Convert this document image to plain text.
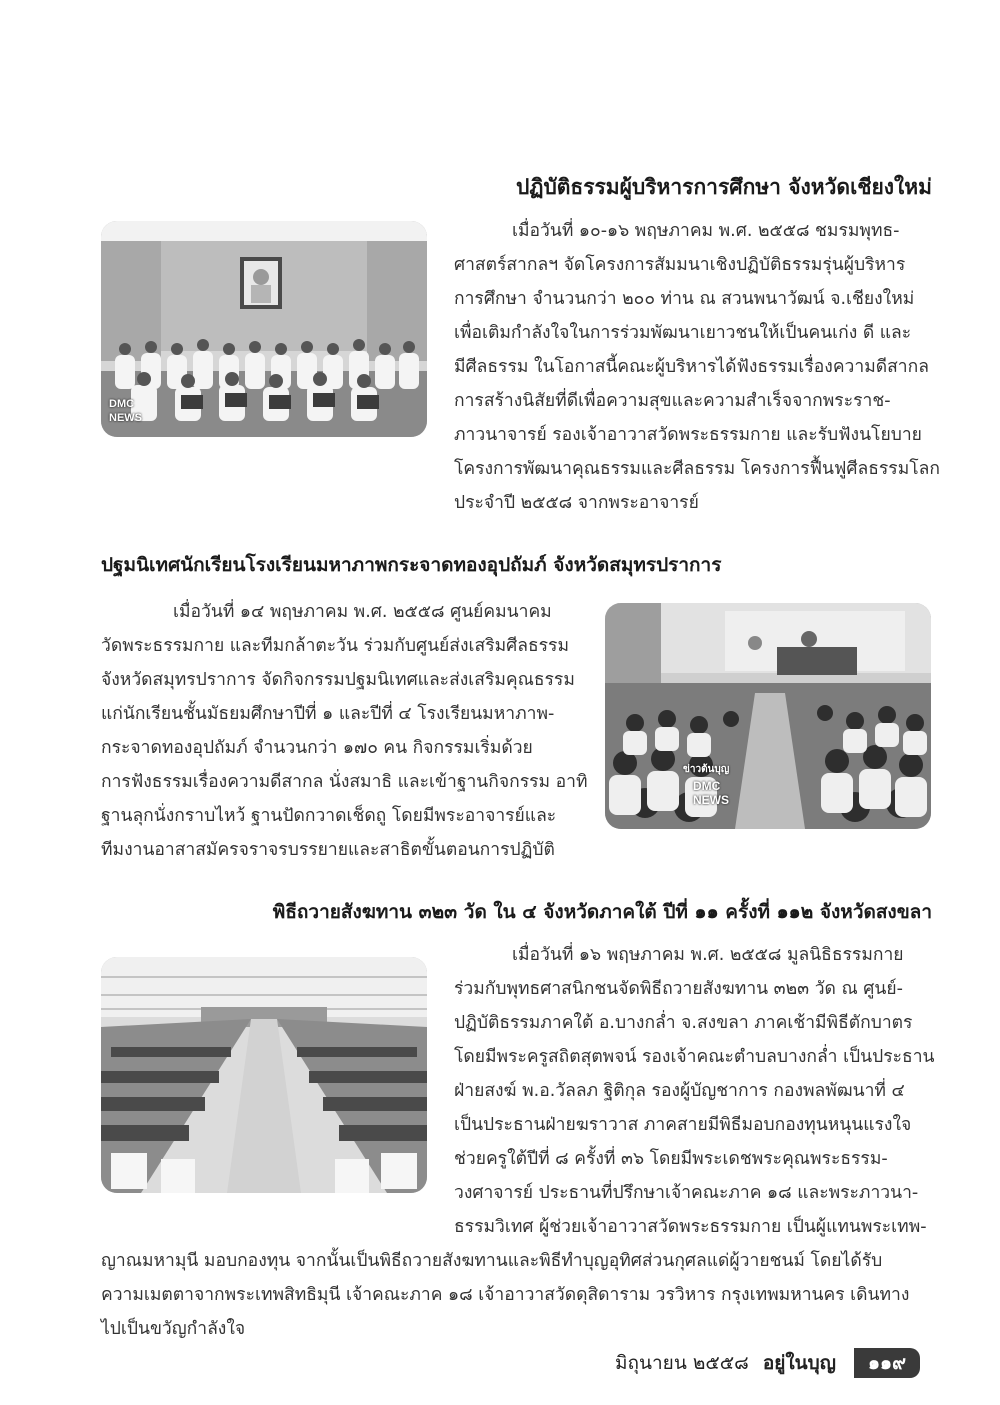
ปฏิบัติธรรมผู้บริหารการศึกษา จังหวัดเชียงใหม่
DMC NEWS
เมื่อวันที่ ๑๐-๑๖ พฤษภาคม พ.ศ. ๒๕๕๘ ชมรมพุทธ-
ศาสตร์สากลฯ จัดโครงการสัมมนาเชิงปฏิบัติธรรมรุ่นผู้บริหาร
การศึกษา จำนวนกว่า ๒๐๐ ท่าน ณ สวนพนาวัฒน์ จ.เชียงใหม่
เพื่อเติมกำลังใจในการร่วมพัฒนาเยาวชนให้เป็นคนเก่ง ดี และ
มีศีลธรรม ในโอกาสนี้คณะผู้บริหารได้ฟังธรรมเรื่องความดีสากล
การสร้างนิสัยที่ดีเพื่อความสุขและความสำเร็จจากพระราช-
ภาวนาจารย์ รองเจ้าอาวาสวัดพระธรรมกาย และรับฟังนโยบาย
โครงการพัฒนาคุณธรรมและศีลธรรม โครงการฟื้นฟูศีลธรรมโลก
ประจำปี ๒๕๕๘ จากพระอาจารย์
ปฐมนิเทศนักเรียนโรงเรียนมหาภาพกระจาดทองอุปถัมภ์ จังหวัดสมุทรปราการ
เมื่อวันที่ ๑๔ พฤษภาคม พ.ศ. ๒๕๕๘ ศูนย์คมนาคม
วัดพระธรรมกาย และทีมกล้าตะวัน ร่วมกับศูนย์ส่งเสริมศีลธรรม
จังหวัดสมุทรปราการ จัดกิจกรรมปฐมนิเทศและส่งเสริมคุณธรรม
แก่นักเรียนชั้นมัธยมศึกษาปีที่ ๑ และปีที่ ๔ โรงเรียนมหาภาพ-
กระจาดทองอุปถัมภ์ จำนวนกว่า ๑๗๐ คน กิจกรรมเริ่มด้วย
การฟังธรรมเรื่องความดีสากล นั่งสมาธิ และเข้าฐานกิจกรรม อาทิ
ฐานลุกนั่งกราบไหว้ ฐานปัดกวาดเช็ดถู โดยมีพระอาจารย์และ
ทีมงานอาสาสมัครจราจรบรรยายและสาธิตขั้นตอนการปฏิบัติ
ข่าวต้นบุญ
DMC NEWS
พิธีถวายสังฆทาน ๓๒๓ วัด ใน ๔ จังหวัดภาคใต้ ปีที่ ๑๑ ครั้งที่ ๑๑๒ จังหวัดสงขลา
เมื่อวันที่ ๑๖ พฤษภาคม พ.ศ. ๒๕๕๘ มูลนิธิธรรมกาย
ร่วมกับพุทธศาสนิกชนจัดพิธีถวายสังฆทาน ๓๒๓ วัด ณ ศูนย์-
ปฏิบัติธรรมภาคใต้ อ.บางกล่ำ จ.สงขลา ภาคเช้ามีพิธีตักบาตร
โดยมีพระครูสถิตสุตพจน์ รองเจ้าคณะตำบลบางกล่ำ เป็นประธาน
ฝ่ายสงฆ์ พ.อ.วัลลภ ฐิติกุล รองผู้บัญชาการ กองพลพัฒนาที่ ๔
เป็นประธานฝ่ายฆราวาส ภาคสายมีพิธีมอบกองทุนหนุนแรงใจ
ช่วยครูใต้ปีที่ ๘ ครั้งที่ ๓๖ โดยมีพระเดชพระคุณพระธรรม-
วงศาจารย์ ประธานที่ปรึกษาเจ้าคณะภาค ๑๘ และพระภาวนา-
ธรรมวิเทศ ผู้ช่วยเจ้าอาวาสวัดพระธรรมกาย เป็นผู้แทนพระเทพ-
ญาณมหามุนี มอบกองทุน จากนั้นเป็นพิธีถวายสังฆทานและพิธีทำบุญอุทิศส่วนกุศลแด่ผู้วายชนม์ โดยได้รับ
ความเมตตาจากพระเทพสิทธิมุนี เจ้าคณะภาค ๑๘ เจ้าอาวาสวัดดุสิดาราม วรวิหาร กรุงเทพมหานคร เดินทาง
ไปเป็นขวัญกำลังใจ
มิถุนายน ๒๕๕๘ อยู่ในบุญ ๑๑๙
